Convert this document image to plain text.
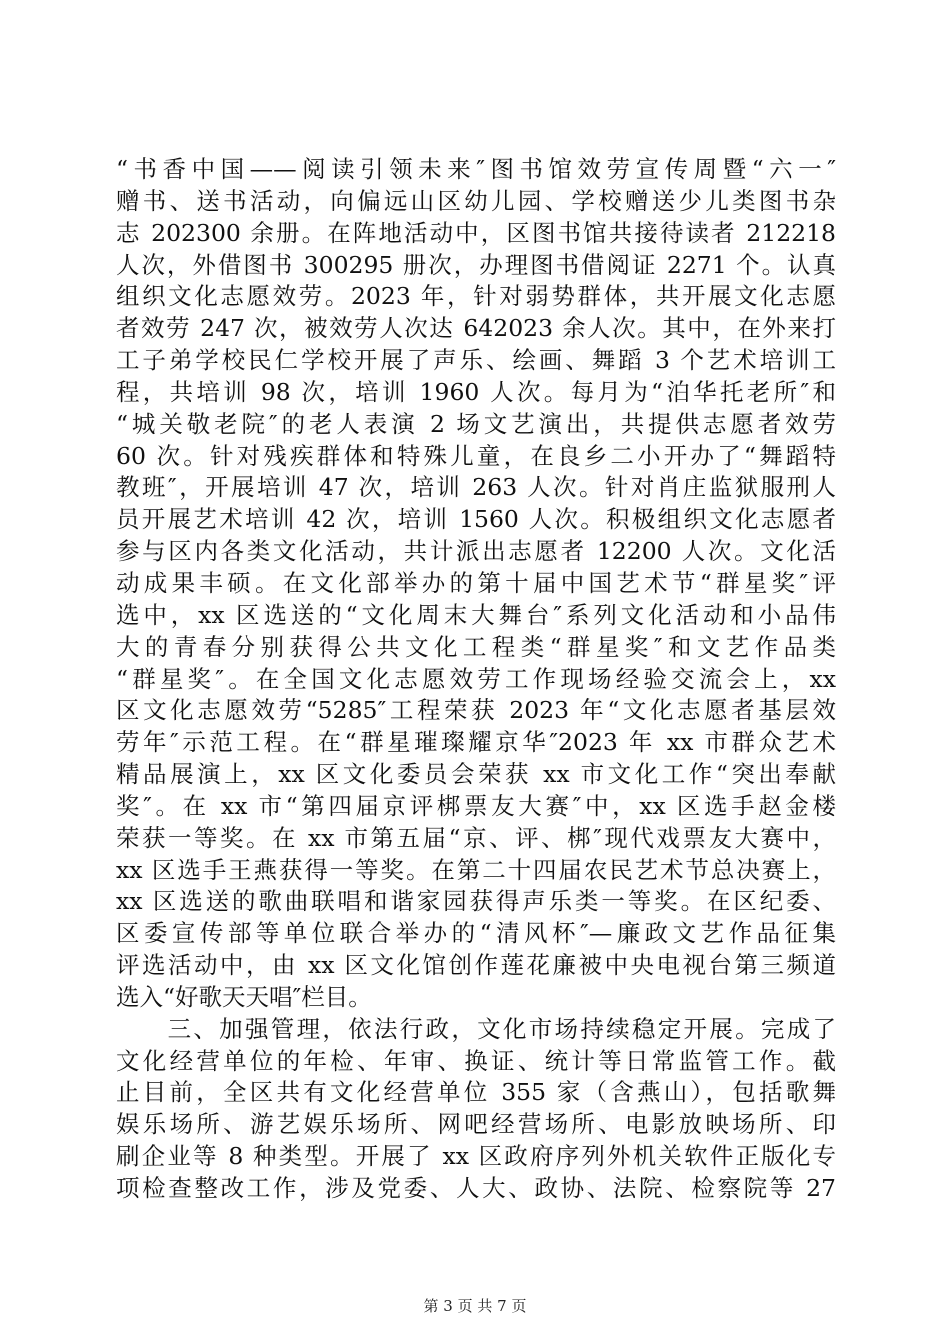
“书香中国——阅读引领未来″图书馆效劳宣传周暨“六一″
赠书、送书活动，向偏远山区幼儿园、学校赠送少儿类图书杂
志 202300 余册。在阵地活动中，区图书馆共接待读者 212218
人次，外借图书 300295 册次，办理图书借阅证 2271 个。认真
组织文化志愿效劳。2023 年，针对弱势群体，共开展文化志愿
者效劳 247 次，被效劳人次达 642023 余人次。其中，在外来打
工子弟学校民仁学校开展了声乐、绘画、舞蹈 3 个艺术培训工
程，共培训 98 次，培训 1960 人次。每月为“泊华托老所″和
“城关敬老院″的老人表演 2 场文艺演出，共提供志愿者效劳
60 次。针对残疾群体和特殊儿童，在良乡二小开办了“舞蹈特
教班″，开展培训 47 次，培训 263 人次。针对肖庄监狱服刑人
员开展艺术培训 42 次，培训 1560 人次。积极组织文化志愿者
参与区内各类文化活动，共计派出志愿者 12200 人次。文化活
动成果丰硕。在文化部举办的第十届中国艺术节“群星奖″评
选中，xx 区选送的“文化周末大舞台″系列文化活动和小品伟
大的青春分别获得公共文化工程类“群星奖″和文艺作品类
“群星奖″。在全国文化志愿效劳工作现场经验交流会上，xx
区文化志愿效劳“5285″工程荣获 2023 年“文化志愿者基层效
劳年″示范工程。在“群星璀璨耀京华″2023 年 xx 市群众艺术
精品展演上，xx 区文化委员会荣获 xx 市文化工作“突出奉献
奖″。在 xx 市“第四届京评梆票友大赛″中，xx 区选手赵金楼
荣获一等奖。在 xx 市第五届“京、评、梆″现代戏票友大赛中，
xx 区选手王燕获得一等奖。在第二十四届农民艺术节总决赛上，
xx 区选送的歌曲联唱和谐家园获得声乐类一等奖。在区纪委、
区委宣传部等单位联合举办的“清风杯″—廉政文艺作品征集
评选活动中，由 xx 区文化馆创作莲花廉被中央电视台第三频道
选入“好歌天天唱″栏目。
　　三、加强管理，依法行政，文化市场持续稳定开展。完成了
文化经营单位的年检、年审、换证、统计等日常监管工作。截
止目前，全区共有文化经营单位 355 家（含燕山），包括歌舞
娱乐场所、游艺娱乐场所、网吧经营场所、电影放映场所、印
刷企业等 8 种类型。开展了 xx 区政府序列外机关软件正版化专
项检查整改工作，涉及党委、人大、政协、法院、检察院等 27
第 3 页 共 7 页
